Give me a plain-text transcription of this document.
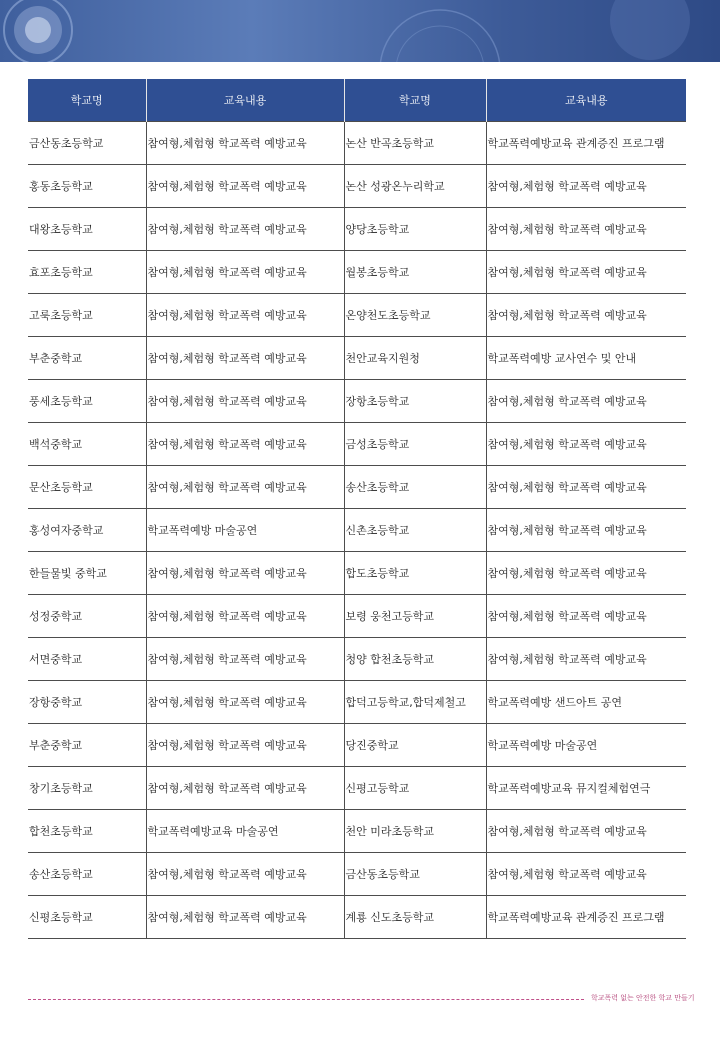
학교명	교육내용	학교명	교육내용
금산동초등학교	참여형,체험형 학교폭력 예방교육	논산 반곡초등학교	학교폭력예방교육 관계증진 프로그램
홍동초등학교	참여형,체험형 학교폭력 예방교육	논산 성광온누리학교	참여형,체험형 학교폭력 예방교육
대왕초등학교	참여형,체험형 학교폭력 예방교육	양당초등학교	참여형,체험형 학교폭력 예방교육
효포초등학교	참여형,체험형 학교폭력 예방교육	월봉초등학교	참여형,체험형 학교폭력 예방교육
고룩초등학교	참여형,체험형 학교폭력 예방교육	온양천도초등학교	참여형,체험형 학교폭력 예방교육
부춘중학교	참여형,체험형 학교폭력 예방교육	천안교육지원청	학교폭력예방 교사연수 및 안내
풍세초등학교	참여형,체험형 학교폭력 예방교육	장항초등학교	참여형,체험형 학교폭력 예방교육
백석중학교	참여형,체험형 학교폭력 예방교육	금성초등학교	참여형,체험형 학교폭력 예방교육
문산초등학교	참여형,체험형 학교폭력 예방교육	송산초등학교	참여형,체험형 학교폭력 예방교육
홍성여자중학교	학교폭력예방 마술공연	신촌초등학교	참여형,체험형 학교폭력 예방교육
한들물빛 중학교	참여형,체험형 학교폭력 예방교육	합도초등학교	참여형,체험형 학교폭력 예방교육
성정중학교	참여형,체험형 학교폭력 예방교육	보령 웅천고등학교	참여형,체험형 학교폭력 예방교육
서면중학교	참여형,체험형 학교폭력 예방교육	청양 합천초등학교	참여형,체험형 학교폭력 예방교육
장항중학교	참여형,체험형 학교폭력 예방교육	합덕고등학교,합덕제철고	학교폭력예방 샌드아트 공연
부춘중학교	참여형,체험형 학교폭력 예방교육	당진중학교	학교폭력예방 마술공연
창기초등학교	참여형,체험형 학교폭력 예방교육	신평고등학교	학교폭력예방교육 뮤지컬체험연극
합천초등학교	학교폭력예방교육 마술공연	천안 미라초등학교	참여형,체험형 학교폭력 예방교육
송산초등학교	참여형,체험형 학교폭력 예방교육	금산동초등학교	참여형,체험형 학교폭력 예방교육
신평초등학교	참여형,체험형 학교폭력 예방교육	계룡 신도초등학교	학교폭력예방교육 관계증진 프로그램
학교폭력 없는 안전한 학교 만들기
